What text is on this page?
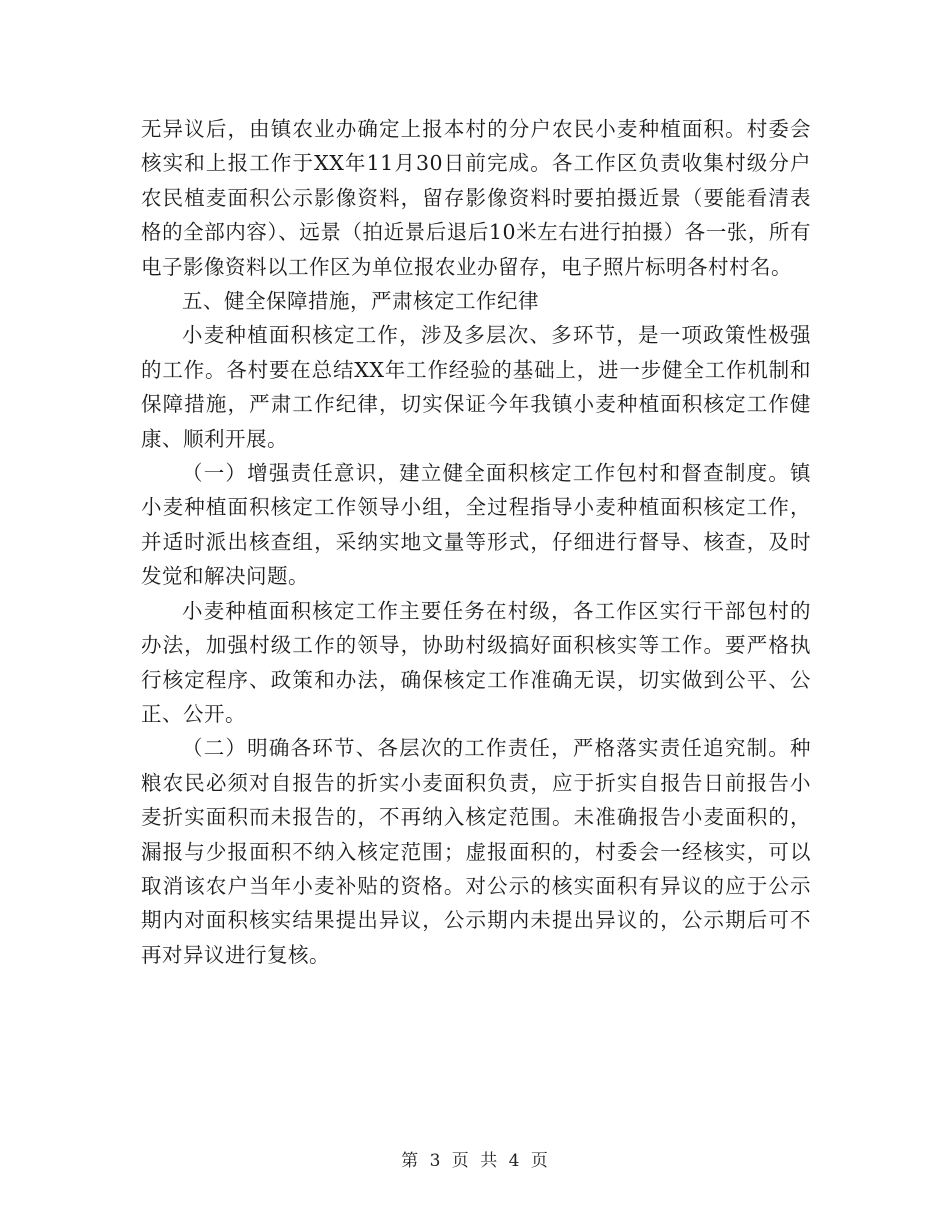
无异议后，由镇农业办确定上报本村的分户农民小麦种植面积。村委会核实和上报工作于XX年11月30日前完成。各工作区负责收集村级分户农民植麦面积公示影像资料，留存影像资料时要拍摄近景（要能看清表格的全部内容）、远景（拍近景后退后10米左右进行拍摄）各一张，所有电子影像资料以工作区为单位报农业办留存，电子照片标明各村村名。

五、健全保障措施，严肃核定工作纪律

小麦种植面积核定工作，涉及多层次、多环节，是一项政策性极强的工作。各村要在总结XX年工作经验的基础上，进一步健全工作机制和保障措施，严肃工作纪律，切实保证今年我镇小麦种植面积核定工作健康、顺利开展。

（一）增强责任意识，建立健全面积核定工作包村和督查制度。镇小麦种植面积核定工作领导小组，全过程指导小麦种植面积核定工作，并适时派出核查组，采纳实地文量等形式，仔细进行督导、核查，及时发觉和解决问题。

小麦种植面积核定工作主要任务在村级，各工作区实行干部包村的办法，加强村级工作的领导，协助村级搞好面积核实等工作。要严格执行核定程序、政策和办法，确保核定工作准确无误，切实做到公平、公正、公开。

（二）明确各环节、各层次的工作责任，严格落实责任追究制。种粮农民必须对自报告的折实小麦面积负责，应于折实自报告日前报告小麦折实面积而未报告的，不再纳入核定范围。未准确报告小麦面积的，漏报与少报面积不纳入核定范围；虚报面积的，村委会一经核实，可以取消该农户当年小麦补贴的资格。对公示的核实面积有异议的应于公示期内对面积核实结果提出异议，公示期内未提出异议的，公示期后可不再对异议进行复核。

第 3 页 共 4 页
